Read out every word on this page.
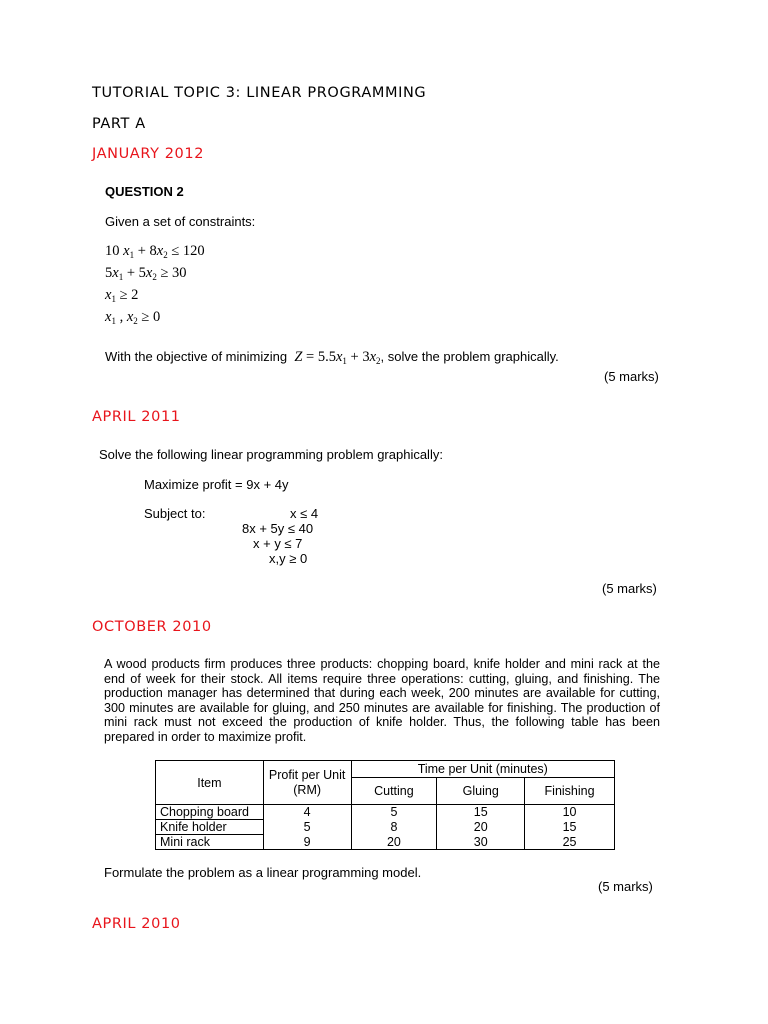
TUTORIAL TOPIC 3: LINEAR PROGRAMMING
PART A
JANUARY 2012
QUESTION 2
Given a set of constraints:
10 $x_1 + 8x_2 \le 120$
$5x_1 + 5x_2 \ge 30$
$x_1 \ge 2$
$x_1$ , $x_2 \ge 0$
With the objective of minimizing $Z = 5.5x_1 + 3x_2$, solve the problem graphically.
(5 marks)
APRIL 2011
Solve the following linear programming problem graphically:
Maximize profit = 9x + 4y
Subject to:	x ≤ 4
8x + 5y ≤ 40
x + y ≤ 7
x,y ≥ 0
(5 marks)
OCTOBER 2010
A wood products firm produces three products: chopping board, knife holder and mini rack at the end of week for their stock. All items require three operations: cutting, gluing, and finishing. The production manager has determined that during each week, 200 minutes are available for cutting, 300 minutes are available for gluing, and 250 minutes are available for finishing. The production of mini rack must not exceed the production of knife holder. Thus, the following table has been prepared in order to maximize profit.
Item	Profit per Unit (RM)	Time per Unit (minutes)		
		Cutting	Gluing	Finishing
Chopping board	4	5	15	10
Knife holder	5	8	20	15
Mini rack	9	20	30	25
Formulate the problem as a linear programming model.
(5 marks)
APRIL 2010
